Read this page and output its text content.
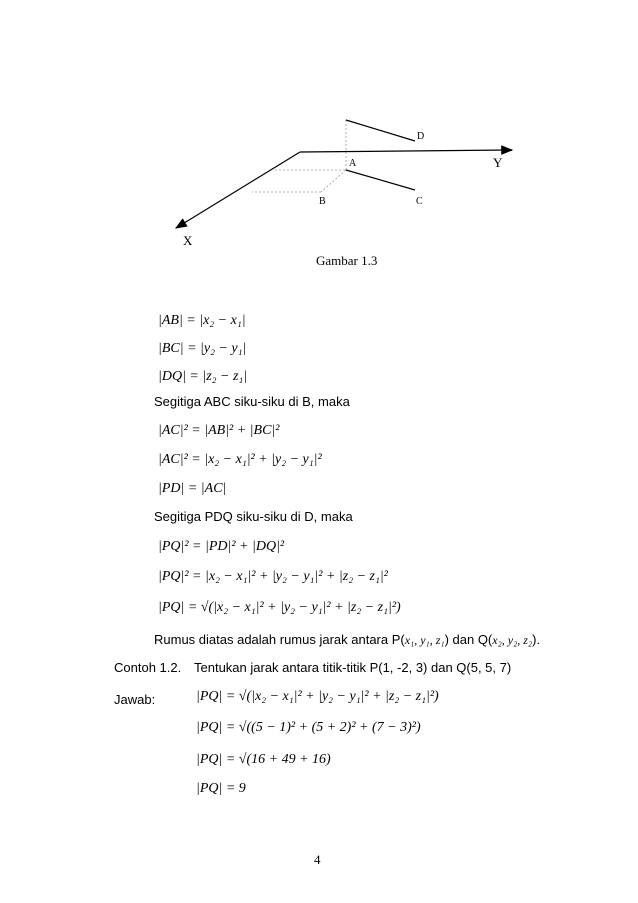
D
A	Y
B	C
X
Gambar 1.3
|AB| = |x₂ − x₁|
|BC| = |y₂ − y₁|
|DQ| = |z₂ − z₁|
Segitiga ABC siku-siku di B, maka
|AC|² = |AB|² + |BC|²
|AC|² = |x₂ − x₁|² + |y₂ − y₁|²
|PD| = |AC|
Segitiga PDQ siku-siku di D, maka
|PQ|² = |PD|² + |DQ|²
|PQ|² = |x₂ − x₁|² + |y₂ − y₁|² + |z₂ − z₁|²
|PQ| = √(|x₂ − x₁|² + |y₂ − y₁|² + |z₂ − z₁|²)
Rumus diatas adalah rumus jarak antara P(x₁, y₁, z₁) dan Q(x₂, y₂, z₂).
Contoh 1.2. Tentukan jarak antara titik-titik P(1, -2, 3) dan Q(5, 5, 7)
Jawab:	|PQ| = √(|x₂ − x₁|² + |y₂ − y₁|² + |z₂ − z₁|²)
|PQ| = √((5 − 1)² + (5 + 2)² + (7 − 3)²)
|PQ| = √(16 + 49 + 16)
|PQ| = 9
4
